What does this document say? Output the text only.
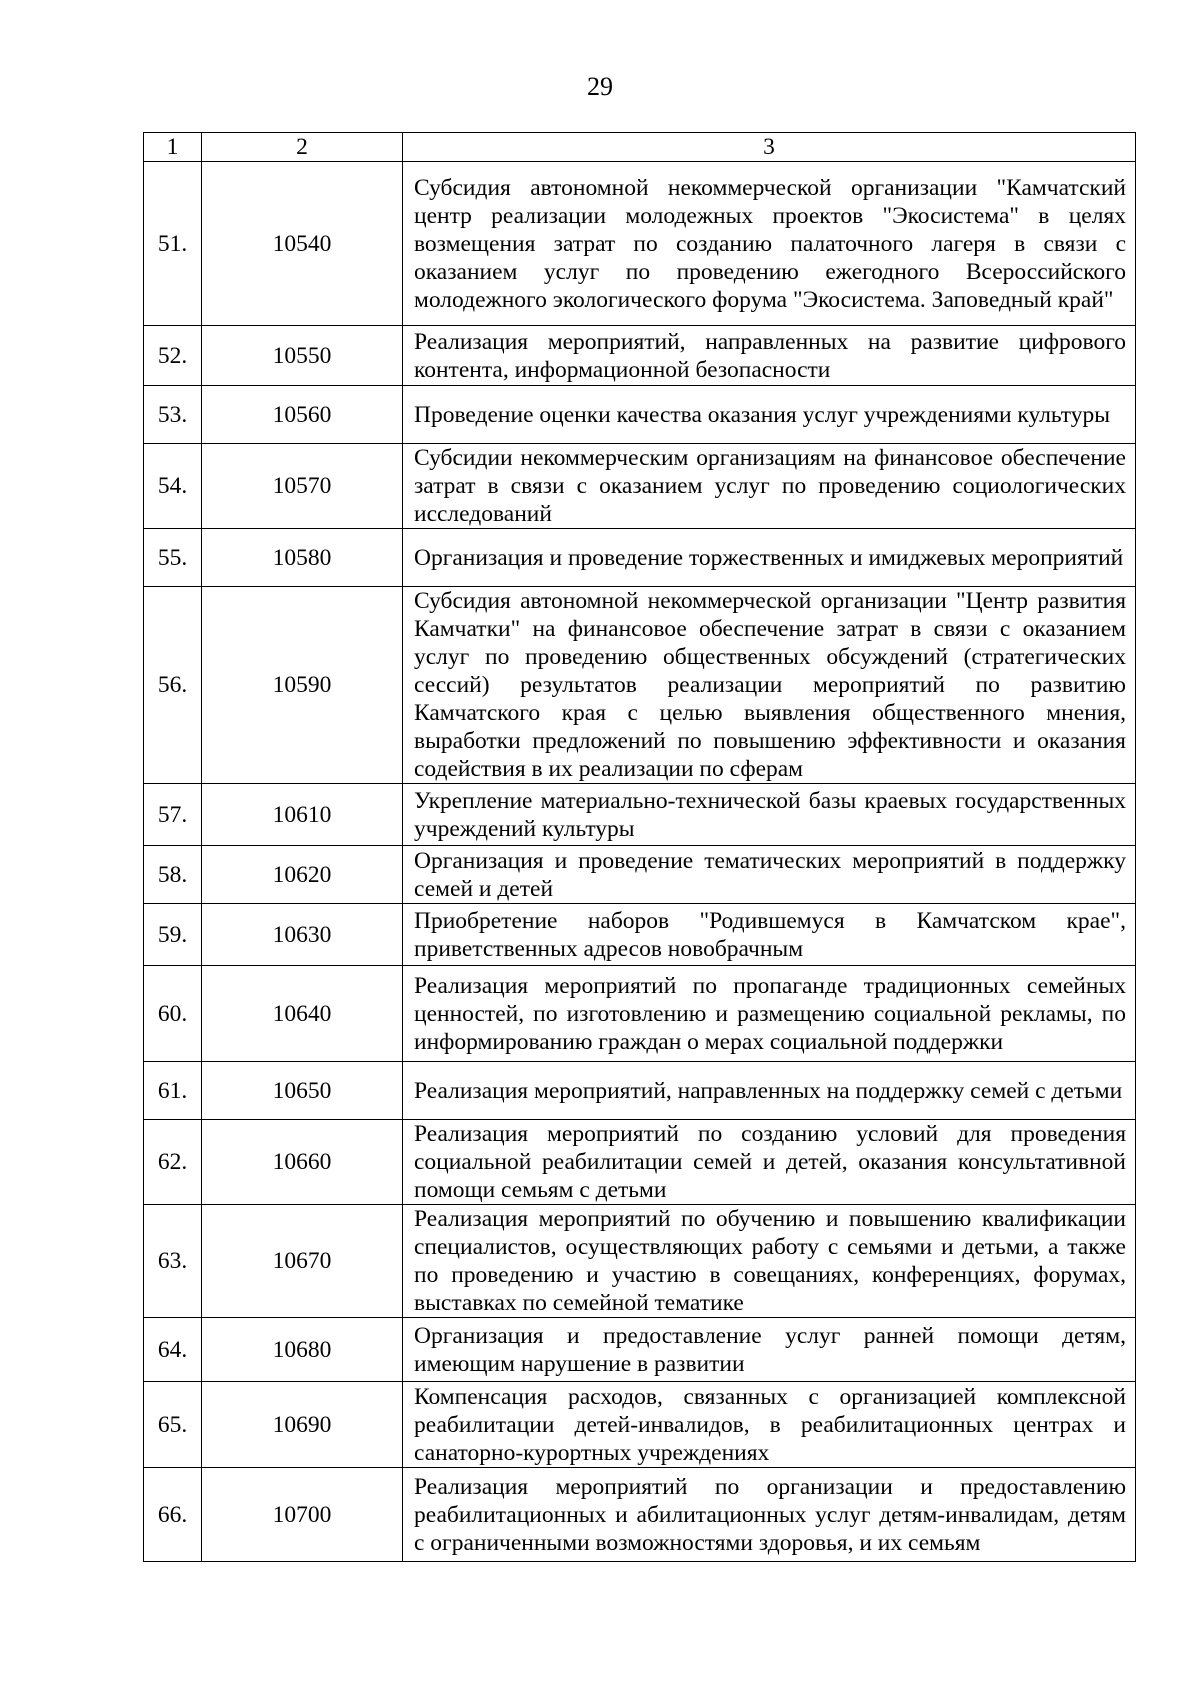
29
1	2	3
51.	10540	Субсидия автономной некоммерческой организации "Камчатский центр реализации молодежных проектов "Экосистема" в целях возмещения затрат по созданию палаточного лагеря в связи с оказанием услуг по проведению ежегодного Всероссийского молодежного экологического форума "Экосистема. Заповедный край"
52.	10550	Реализация мероприятий, направленных на развитие цифрового контента, информационной безопасности
53.	10560	Проведение оценки качества оказания услуг учреждениями культуры
54.	10570	Субсидии некоммерческим организациям на финансовое обеспечение затрат в связи с оказанием услуг по проведению социологических исследований
55.	10580	Организация и проведение торжественных и имиджевых мероприятий
56.	10590	Субсидия автономной некоммерческой организации "Центр развития Камчатки" на финансовое обеспечение затрат в связи с оказанием услуг по проведению общественных обсуждений (стратегических сессий) результатов реализации мероприятий по развитию Камчатского края с целью выявления общественного мнения, выработки предложений по повышению эффективности и оказания содействия в их реализации по сферам
57.	10610	Укрепление материально-технической базы краевых государственных учреждений культуры
58.	10620	Организация и проведение тематических мероприятий в поддержку семей и детей
59.	10630	Приобретение наборов "Родившемуся в Камчатском крае", приветственных адресов новобрачным
60.	10640	Реализация мероприятий по пропаганде традиционных семейных ценностей, по изготовлению и размещению социальной рекламы, по информированию граждан о мерах социальной поддержки
61.	10650	Реализация мероприятий, направленных на поддержку семей с детьми
62.	10660	Реализация мероприятий по созданию условий для проведения социальной реабилитации семей и детей, оказания консультативной помощи семьям с детьми
63.	10670	Реализация мероприятий по обучению и повышению квалификации специалистов, осуществляющих работу с семьями и детьми, а также по проведению и участию в совещаниях, конференциях, форумах, выставках по семейной тематике
64.	10680	Организация и предоставление услуг ранней помощи детям, имеющим нарушение в развитии
65.	10690	Компенсация расходов, связанных с организацией комплексной реабилитации детей-инвалидов, в реабилитационных центрах и санаторно-курортных учреждениях
66.	10700	Реализация мероприятий по организации и предоставлению реабилитационных и абилитационных услуг детям-инвалидам, детям с ограниченными возможностями здоровья, и их семьям
